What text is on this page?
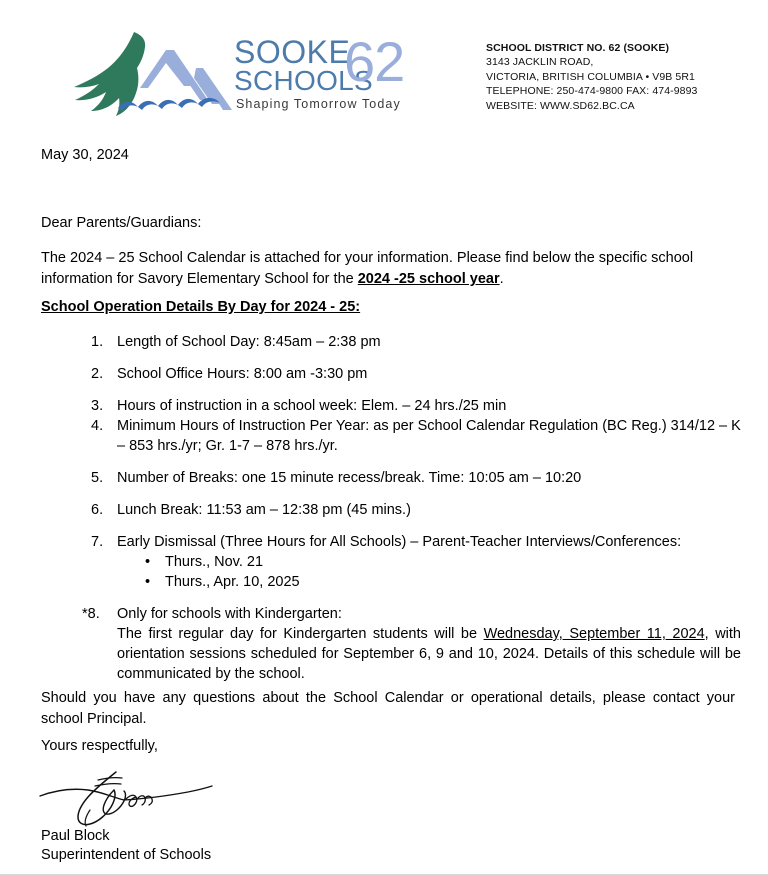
SOOKE
SCHOOLS
62
Shaping Tomorrow Today
SCHOOL DISTRICT NO. 62 (SOOKE)
3143 JACKLIN ROAD,
VICTORIA, BRITISH COLUMBIA • V9B 5R1
TELEPHONE: 250-474-9800 FAX: 474-9893
WEBSITE: WWW.SD62.BC.CA
May 30, 2024
Dear Parents/Guardians:
The 2024 – 25 School Calendar is attached for your information. Please find below the specific school information for Savory Elementary School for the 2024 -25 school year.
School Operation Details By Day for 2024 - 25:
1. Length of School Day: 8:45am – 2:38 pm
2. School Office Hours: 8:00 am -3:30 pm
3. Hours of instruction in a school week: Elem. – 24 hrs./25 min
4. Minimum Hours of Instruction Per Year: as per School Calendar Regulation (BC Reg.) 314/12 – K – 853 hrs./yr; Gr. 1-7 – 878 hrs./yr.
5. Number of Breaks: one 15 minute recess/break. Time: 10:05 am – 10:20
6. Lunch Break: 11:53 am – 12:38 pm (45 mins.)
7. Early Dismissal (Three Hours for All Schools) – Parent-Teacher Interviews/Conferences:
• Thurs., Nov. 21
• Thurs., Apr. 10, 2025
*8. Only for schools with Kindergarten:
The first regular day for Kindergarten students will be Wednesday, September 11, 2024, with orientation sessions scheduled for September 6, 9 and 10, 2024. Details of this schedule will be communicated by the school.
Should you have any questions about the School Calendar or operational details, please contact your school Principal.
Yours respectfully,
Paul Block
Superintendent of Schools
